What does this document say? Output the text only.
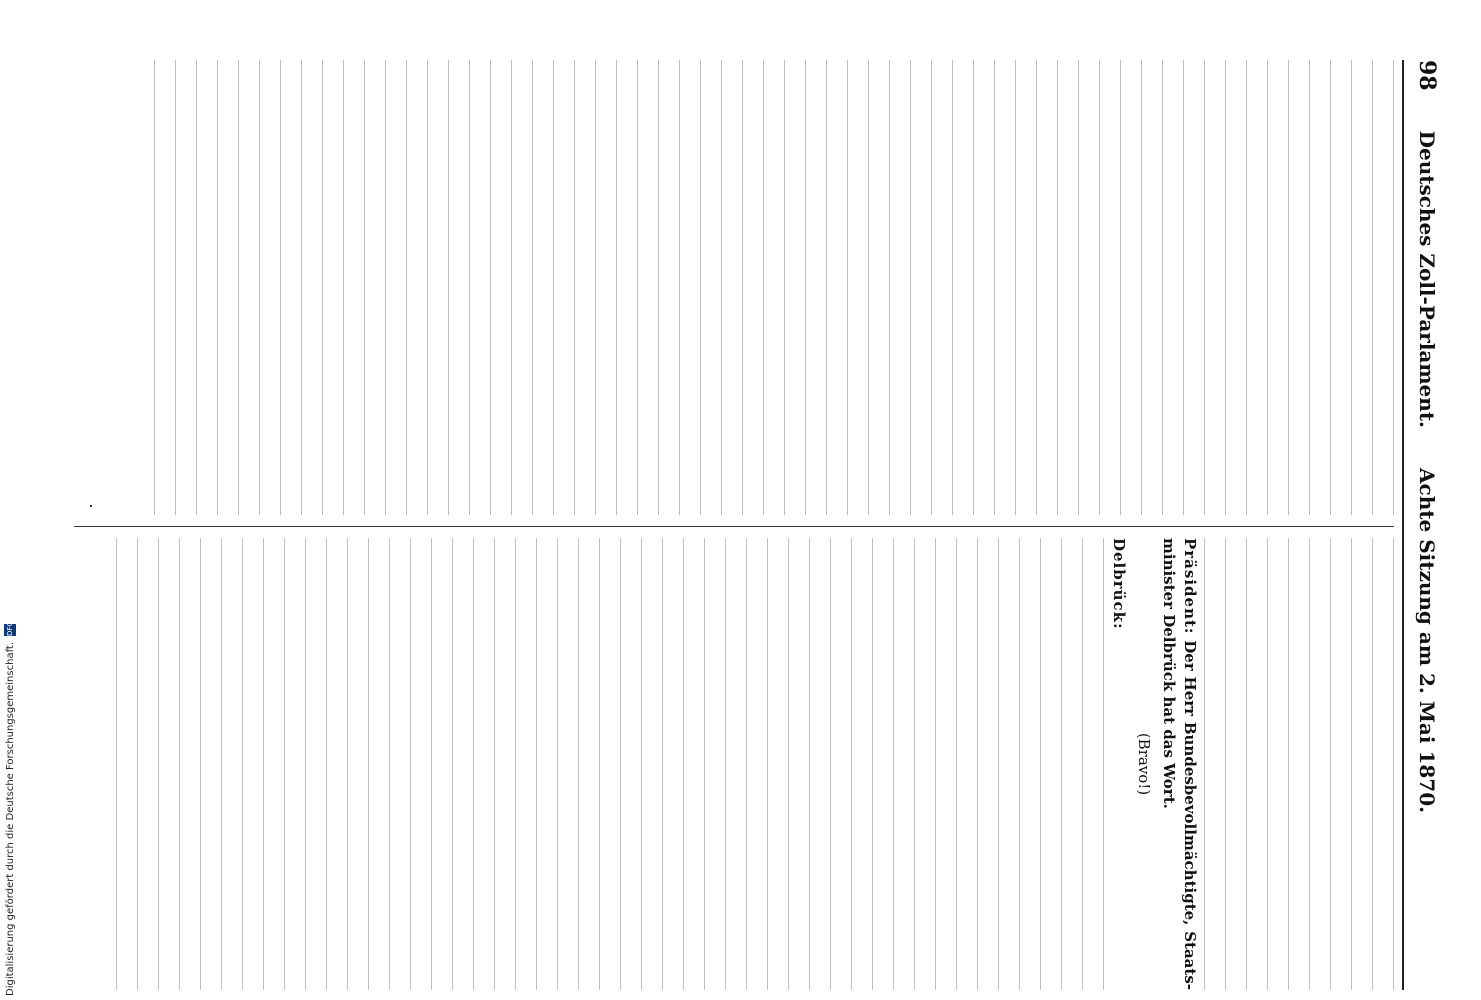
98
Deutsches Zoll-Parlament.
Achte Sitzung am 2. Mai 1870.

Präsident: Der Herr Bundesbevollmächtigte, Staats-minister Delbrück hat das Wort.

(Bravo!)

Delbrück:

Digitalisierung gefördert durch die Deutsche Forschungsgemeinschaft.
DFG
